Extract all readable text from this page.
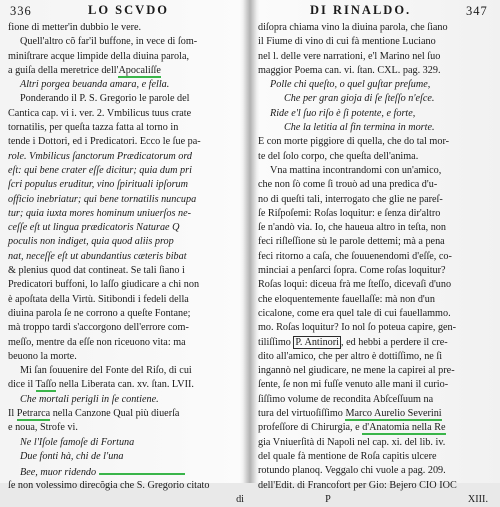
336	LO SCVDO
fione di metter'in dubbio le vere.
Quell'altro cõ far'il buffone, in vece di ſom-
miniſtrare acque limpide della diuina parola,
a guiſa della meretrice dell'Apocaliſſe
Altri porgea beuanda amara, e fella.
Ponderando il P. S. Gregorio le parole del
Cantica cap. vi i. ver. 2. Vmbilicus tuus crate
tornatilis, per queſta tazza fatta al torno in
tende i Dottori, ed i Predicatori. Ecco le ſue pa-
role. Vmbilicus ſanctorum Prædicatorum ord
eſt: qui bene crater eſſe dicitur; quia dum pri
ſcri populus eruditur, vino ſpirituali ipſorum
officio inebriatur; qui bene tornatilis nuncupa
tur; quia iuxta mores hominum uniuerſos ne-
ceſſe eſt ut lingua prædicatoris Naturae Q
poculis non indiget, quia quod aliis prop
nat, neceſſe eſt ut abundantius cæteris bibat
& plenius quod dat contineat. Se tali ſiano i
Predicatori buffoni, lo laſſo giudicare a chi non
è apoſtata della Virtù. Sitibondi i fedeli della
diuina parola ſe ne corrono a queſte Fontane;
mà troppo tardi s'accorgono dell'errore com-
meſſo, mentre da eſſe non riceuono vita: ma
beuono la morte.
Mi ſan ſouuenire del Fonte del Riſo, di cui
dice il Taſſo nella Liberata can. xv. ſtan. LVII.
Che mortali perigli in ſe contiene.
Il Petrarca nella Canzone Qual più diuerſa
e noua, Strofe vi.
Ne l'Iſole famoſe di Fortuna
Due fonti hà, chi de l'una
Bee, muor ridendo
ſe non volessimo direcõgia che S. Gregorio citato
di
DI RINALDO.	347
diſopra chiama vino la diuina parola, che ſiano
il Fiume di vino di cui fà mentione Luciano
nel l. delle vere narrationi, e'l Marino nel ſuo
maggior Poema can. vi. ſtan. CXL. pag. 329.
Polle chi queſto, o quel guſtar preſume,
Che per gran gioja di ſe ſteſſo n'eſce.
Ride e'l ſuo riſo è ſi potente, e forte,
Che la letitia al fin termina in morte.
E con morte piggiore di quella, che do tal mor-
te del ſolo corpo, che queſta dell'anima.
Vna mattina incontrandomi con un'amico,
che non ſò come ſi trouò ad una predica d'u-
no di queſti tali, interrogato che glie ne pareſ-
ſe Riſpoſemi: Roſas loquitur: e ſenza dir'altro
ſe n'andò via. Io, che haueua altro in teſta, non
feci riſleſſione sù le parole dettemi; mà a pena
feci ritorno a caſa, che ſouuenendomi d'eſſe, co-
minciai a penſarci ſopra. Come roſas loquitur?
Roſas loqui: diceua frà me ſteſſo, dicevaſi d'uno
che eloquentemente fauellaſſe: mà non d'un
cicalone, come era quel tale di cui fauellammo.
mo. Roſas loquitur? Io nol ſo poteua capire, gen-
tiliſſimo P. Antinori , ed hebbi a perdere il cre-
dito all'amico, che per altro è dottiſſimo, ne ſi
ingannò nel giudicare, ne mene la capirei al pre-
ſente, ſe non mi fuſſe venuto alle mani il curio-
ſiſſimo volume de recondita Abſceſſuum na
tura del virtuoſiſſimo Marco Aurelio Severini
profeſſore di Chirurgia, e d'Anatomia nella Re
gia Vniuerſità di Napoli nel cap. xi. del lib. iv.
del quale fà mentione de Roſa capitis ulcere
rotundo planoq. Veggalo chi vuole a pag. 209.
dell'Edit. di Francofort per Gio: Bejero CIO IOC
P	XIII.
